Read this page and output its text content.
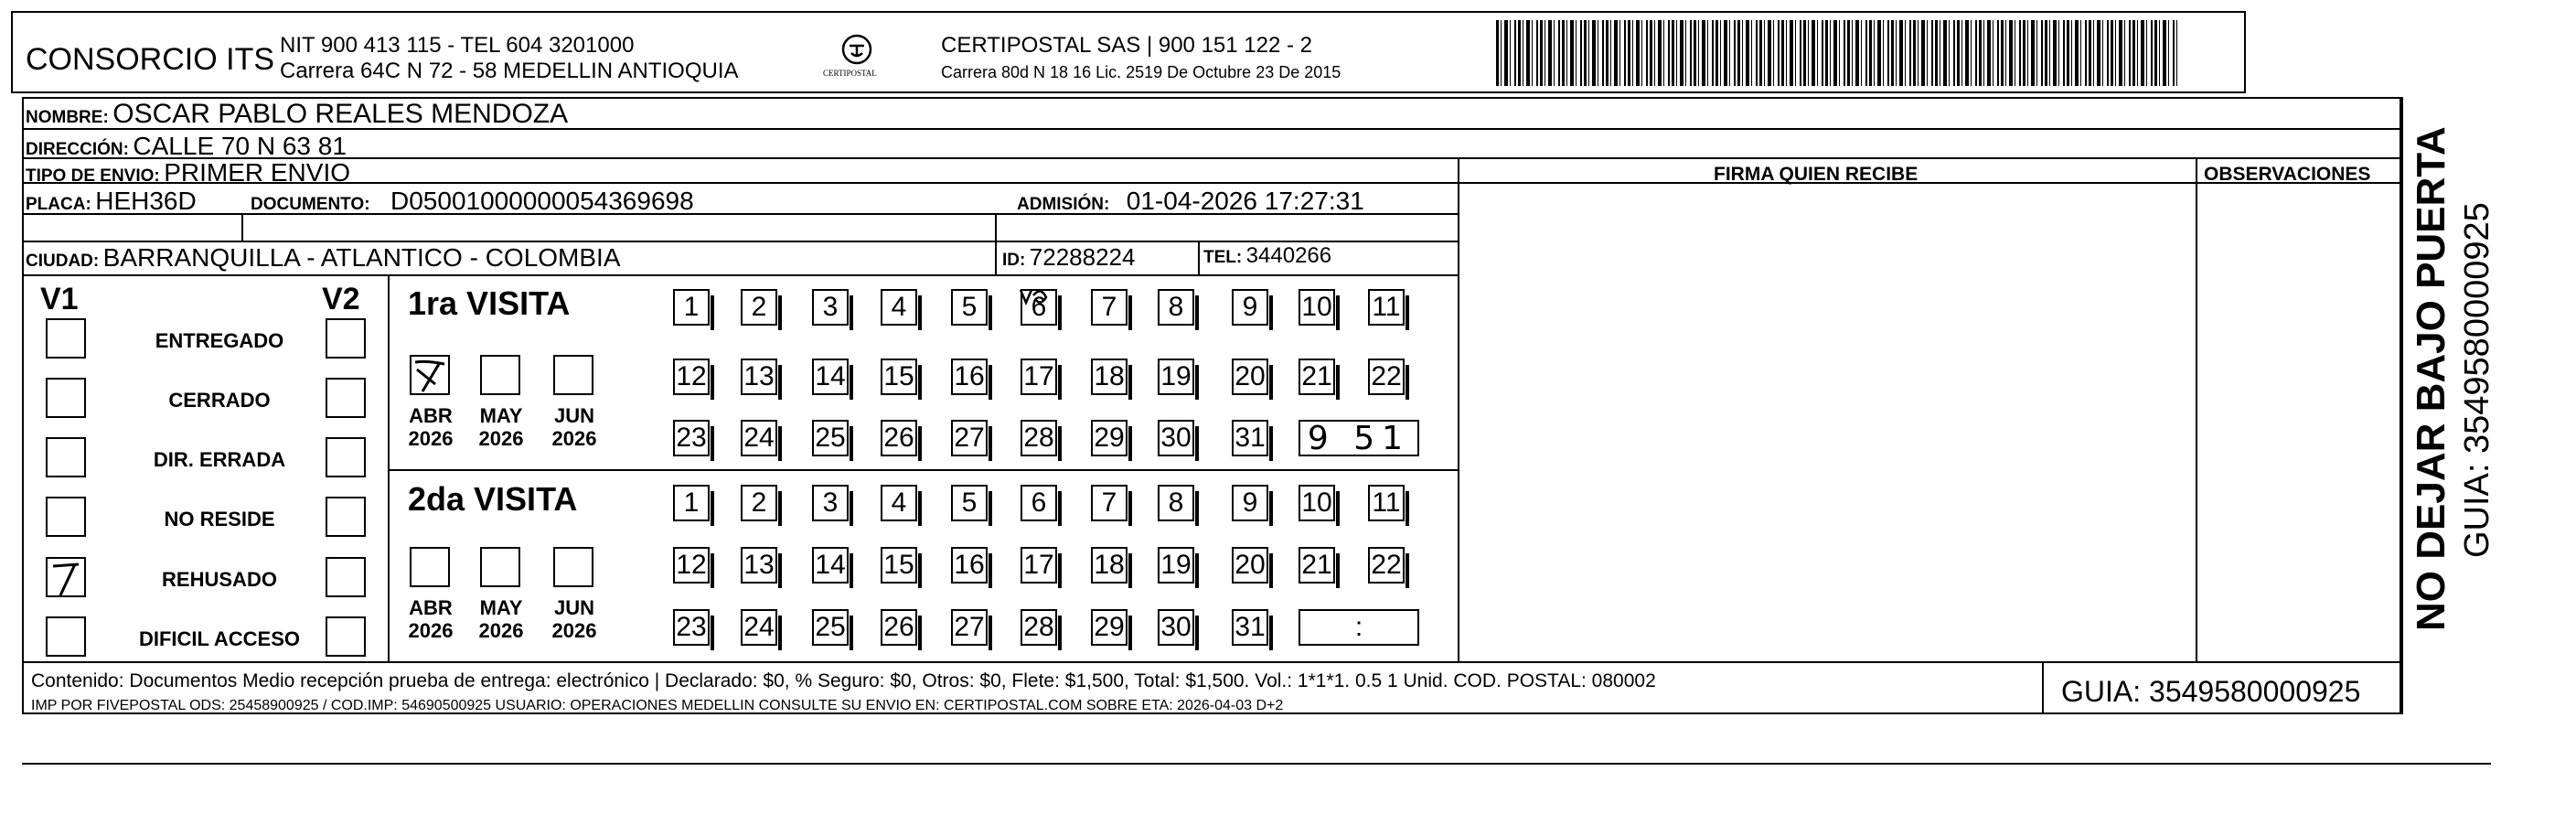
CONSORCIO ITS NIT 900 413 115 - TEL 604 3201000
Carrera 64C N 72 - 58 MEDELLIN ANTIOQUIA	CERTIPOSTAL
CERTIPOSTAL SAS | 900 151 122 - 2
Carrera 80d N 18 16 Lic. 2519 De Octubre 23 De 2015
NOMBRE: OSCAR PABLO REALES MENDOZA
DIRECCIÓN: CALLE 70 N 63 81
TIPO DE ENVIO: PRIMER ENVIO	FIRMA QUIEN RECIBE	OBSERVACIONES
PLACA: HEH36D	DOCUMENTO: D05001000000054369698	ADMISIÓN: 01-04-2026 17:27:31
CIUDAD: BARRANQUILLA - ATLANTICO - COLOMBIA	ID: 72288224	TEL: 3440266
V1	V2
ENTREGADO
CERRADO
DIR. ERRADA
NO RESIDE
REHUSADO
DIFICIL ACCESO
1ra VISITA
2da VISITA
ABR
2026
MAY
2026
JUN
2026
ABR
2026
MAY
2026
JUN
2026
1 2 3 4 5 6 7 8 9 10 11
12 13 14 15 16 17 18 19 20 21 22
23 24 25 26 27 28 29 30 31 9 51
1 2 3 4 5 6 7 8 9 10 11
12 13 14 15 16 17 18 19 20 21 22
23 24 25 26 27 28 29 30 31	:
Contenido: Documentos Medio recepción prueba de entrega: electrónico | Declarado: $0, % Seguro: $0, Otros: $0, Flete: $1,500, Total: $1,500. Vol.: 1*1*1. 0.5 1 Unid. COD. POSTAL: 080002
IMP POR FIVEPOSTAL ODS: 25458900925 / COD.IMP: 54690500925 USUARIO: OPERACIONES MEDELLIN CONSULTE SU ENVIO EN: CERTIPOSTAL.COM SOBRE ETA: 2026-04-03 D+2	GUIA: 3549580000925
NO DEJAR BAJO PUERTA GUIA: 3549580000925
